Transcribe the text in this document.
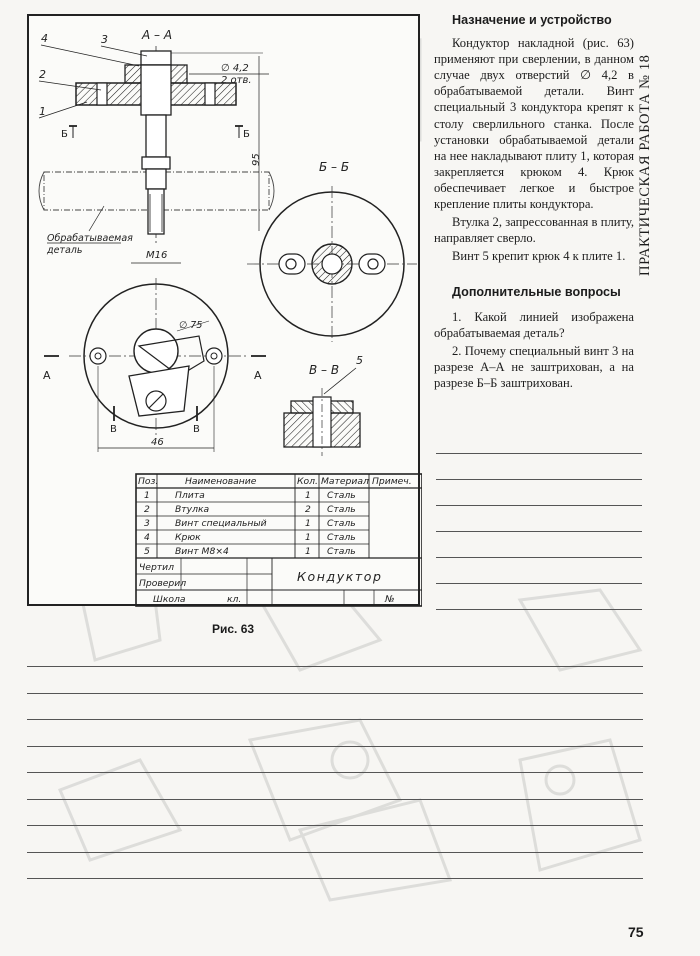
А – А
Б	Б
4	3
2
1
∅ 4,2
2 отв.
95
Обрабатываемая
деталь	М16
Б – Б
∅ 75
А	А
В	В
46
В – В
5
Поз.	Наименование	Кол. Материал Примеч.
1	Плита	1 Сталь
2	Втулка	2 Сталь
3	Винт специальный	1 Сталь
4	Крюк	1 Сталь
5	Винт М8×4	1 Сталь
Чертил
Проверил
Школа	кл.	№
Кондуктор
Рис. 63
Назначение и устройство

Кондуктор накладной (рис. 63) применяют при сверлении, в данном случае двух отверстий ∅ 4,2 в обрабатываемой детали. Винт специальный 3 кондуктора крепят к столу сверлильного станка. После установки обрабатываемой детали на нее накладывают плиту 1, которая закрепляется крюком 4. Крюк обеспечивает легкое и быстрое крепление плиты кондуктора.

Втулка 2, запрессованная в плиту, направляет сверло.

Винт 5 крепит крюк 4 к плите 1.

Дополнительные вопросы

1. Какой линией изображена обрабатываемая деталь?

2. Почему специальный винт 3 на разрезе А–А не заштрихован, а на разрезе Б–Б заштрихован.

ПРАКТИЧЕСКАЯ РАБОТА № 18
75
